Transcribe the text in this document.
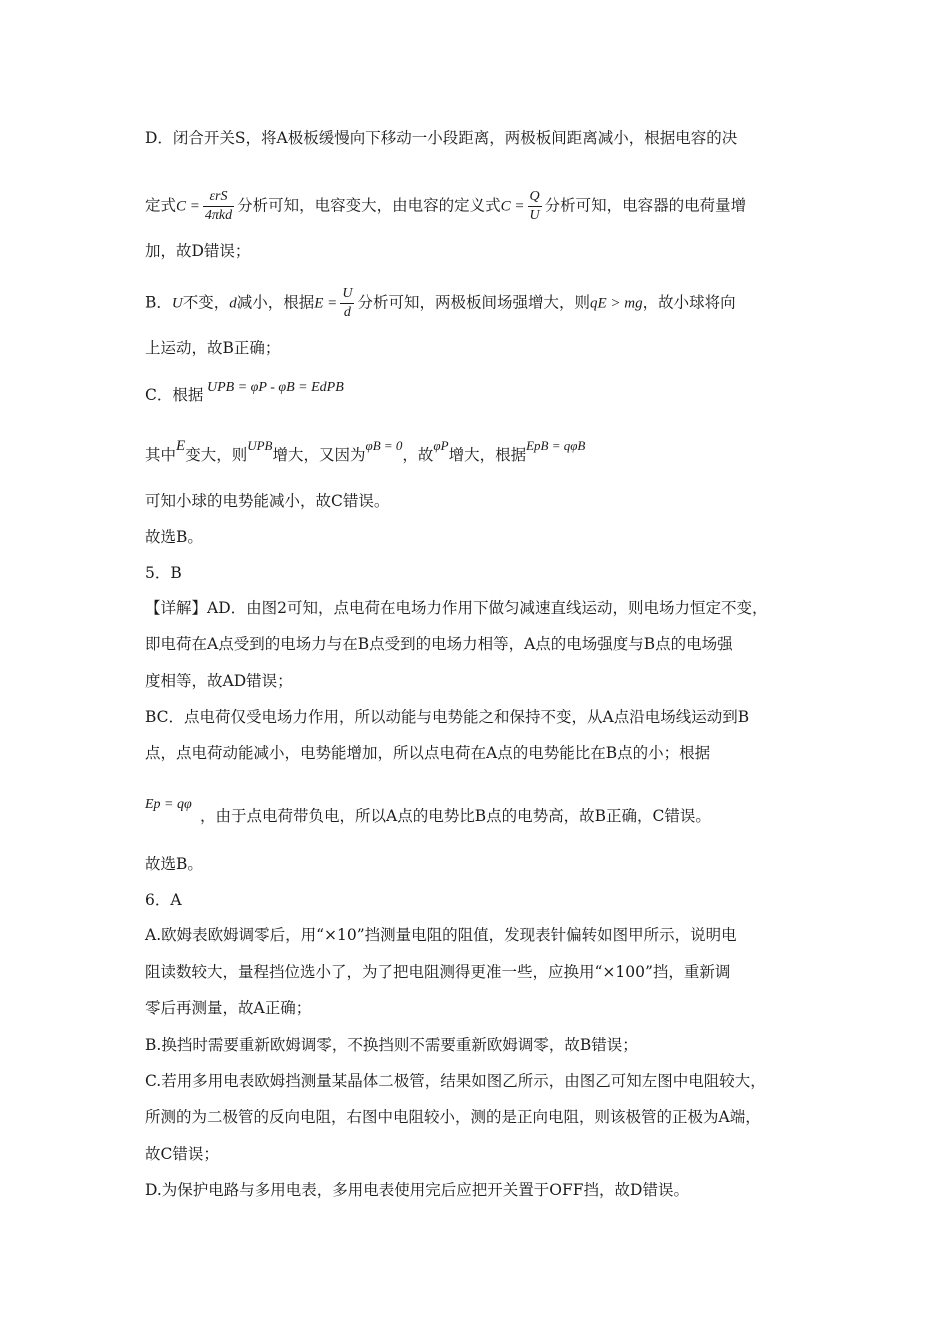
D．闭合开关S，将A极板缓慢向下移动一小段距离，两极板间距离减小，根据电容的决
定式$C = \frac{\text{εrS}}{\text{4πkd}}$ 分析可知，电容变大，由电容的定义式$C = \frac{Q}{U}$ 分析可知，电容器的电荷量增
加，故D错误；
B．U不变，d减小，根据$E = \frac{U}{d}$ 分析可知，两极板间场强增大，则qE > mg，故小球将向
上运动，故B正确；
UPB = φP - φB = EdPB
C．根据
其中E变大，则$^{UPB}$增大，又因为$^{\varphi B = 0}$，故$^{\varphi P}$增大，根据$^{EpB = q\varphi B}$
可知小球的电势能减小，故C错误。
故选B。
5．B
【详解】AD．由图2可知，点电荷在电场力作用下做匀减速直线运动，则电场力恒定不变，
即电荷在A点受到的电场力与在B点受到的电场力相等，A点的电场强度与B点的电场强
度相等，故AD错误；
BC．点电荷仅受电场力作用，所以动能与电势能之和保持不变，从A点沿电场线运动到B
点，点电荷动能减小，电势能增加，所以点电荷在A点的电势能比在B点的小；根据
Ep = qφ
，由于点电荷带负电，所以A点的电势比B点的电势高，故B正确，C错误。
故选B。
6．A
A.欧姆表欧姆调零后，用“×10”挡测量电阻的阻值，发现表针偏转如图甲所示，说明电
阻读数较大，量程挡位选小了，为了把电阻测得更准一些，应换用“×100”挡，重新调
零后再测量，故A正确；
B.换挡时需要重新欧姆调零，不换挡则不需要重新欧姆调零，故B错误；
C.若用多用电表欧姆挡测量某晶体二极管，结果如图乙所示，由图乙可知左图中电阻较大，
所测的为二极管的反向电阻，右图中电阻较小，测的是正向电阻，则该极管的正极为A端，
故C错误；
D.为保护电路与多用电表，多用电表使用完后应把开关置于OFF挡，故D错误。
